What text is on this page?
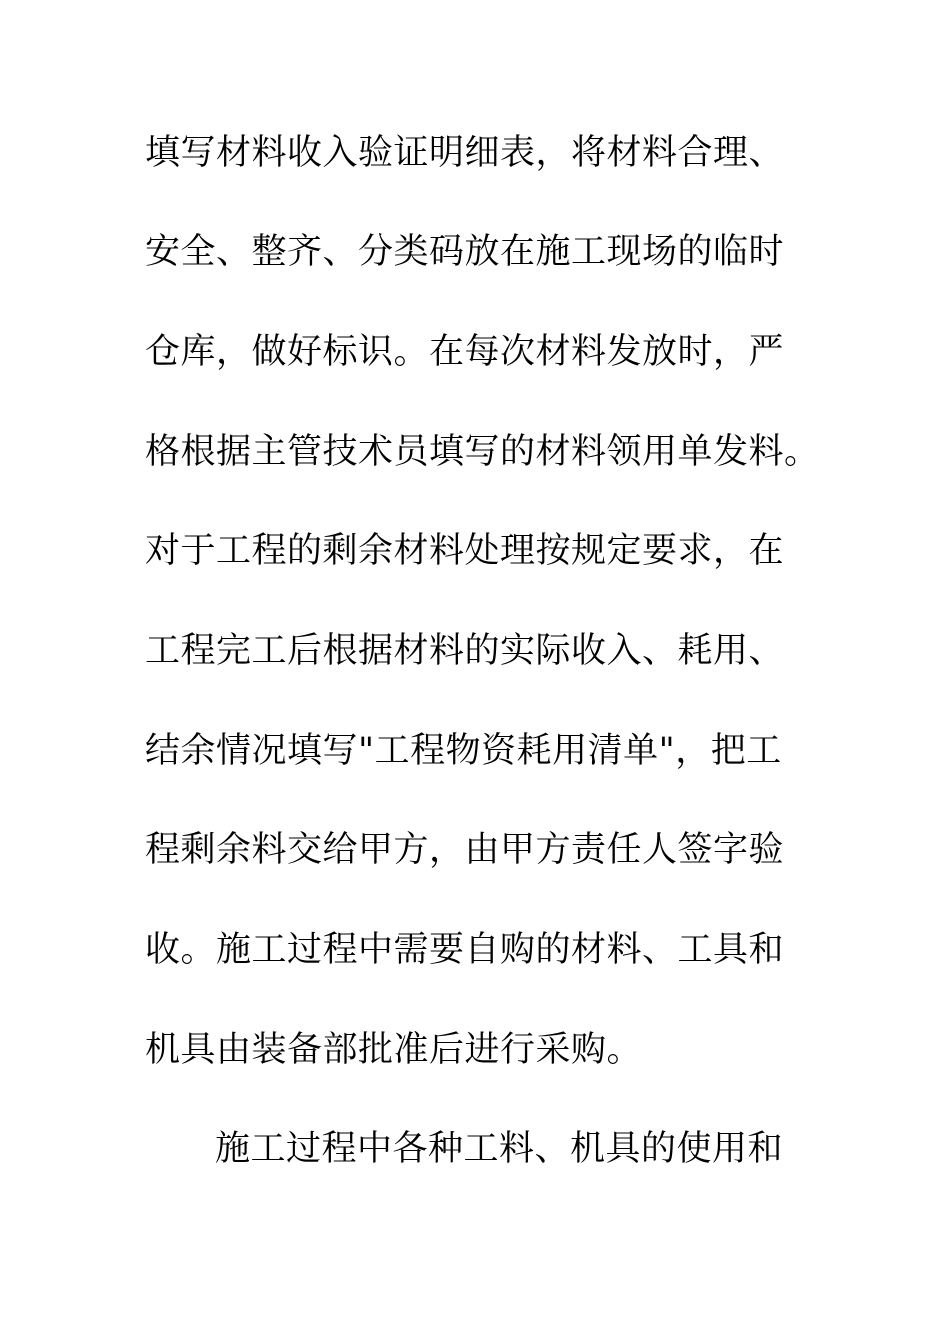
填写材料收入验证明细表，将材料合理、
安全、整齐、分类码放在施工现场的临时
仓库，做好标识。在每次材料发放时，严
格根据主管技术员填写的材料领用单发料。
对于工程的剩余材料处理按规定要求，在
工程完工后根据材料的实际收入、耗用、
结余情况填写"工程物资耗用清单"，把工
程剩余料交给甲方，由甲方责任人签字验
收。施工过程中需要自购的材料、工具和
机具由装备部批准后进行采购。
施工过程中各种工料、机具的使用和
